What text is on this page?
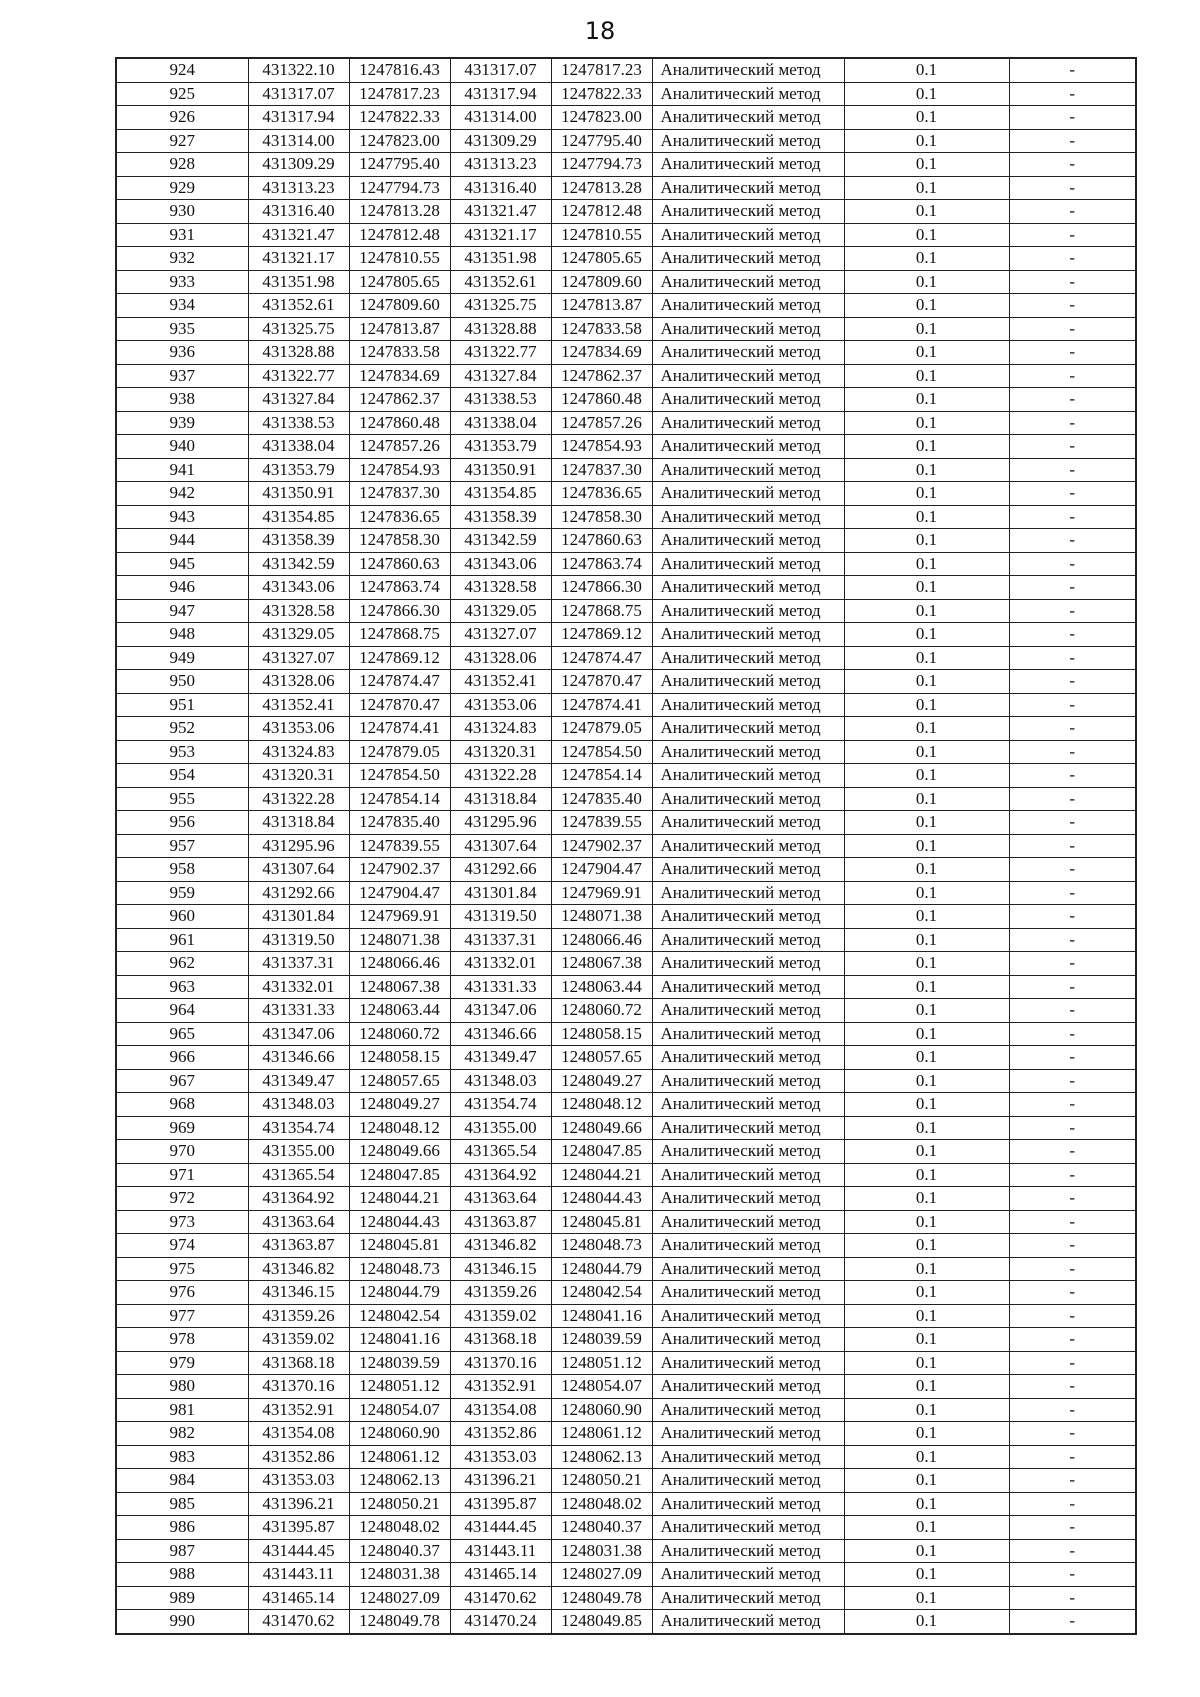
18
924	431322.10	1247816.43	431317.07	1247817.23	Аналитический метод	0.1	-
925	431317.07	1247817.23	431317.94	1247822.33	Аналитический метод	0.1	-
926	431317.94	1247822.33	431314.00	1247823.00	Аналитический метод	0.1	-
927	431314.00	1247823.00	431309.29	1247795.40	Аналитический метод	0.1	-
928	431309.29	1247795.40	431313.23	1247794.73	Аналитический метод	0.1	-
929	431313.23	1247794.73	431316.40	1247813.28	Аналитический метод	0.1	-
930	431316.40	1247813.28	431321.47	1247812.48	Аналитический метод	0.1	-
931	431321.47	1247812.48	431321.17	1247810.55	Аналитический метод	0.1	-
932	431321.17	1247810.55	431351.98	1247805.65	Аналитический метод	0.1	-
933	431351.98	1247805.65	431352.61	1247809.60	Аналитический метод	0.1	-
934	431352.61	1247809.60	431325.75	1247813.87	Аналитический метод	0.1	-
935	431325.75	1247813.87	431328.88	1247833.58	Аналитический метод	0.1	-
936	431328.88	1247833.58	431322.77	1247834.69	Аналитический метод	0.1	-
937	431322.77	1247834.69	431327.84	1247862.37	Аналитический метод	0.1	-
938	431327.84	1247862.37	431338.53	1247860.48	Аналитический метод	0.1	-
939	431338.53	1247860.48	431338.04	1247857.26	Аналитический метод	0.1	-
940	431338.04	1247857.26	431353.79	1247854.93	Аналитический метод	0.1	-
941	431353.79	1247854.93	431350.91	1247837.30	Аналитический метод	0.1	-
942	431350.91	1247837.30	431354.85	1247836.65	Аналитический метод	0.1	-
943	431354.85	1247836.65	431358.39	1247858.30	Аналитический метод	0.1	-
944	431358.39	1247858.30	431342.59	1247860.63	Аналитический метод	0.1	-
945	431342.59	1247860.63	431343.06	1247863.74	Аналитический метод	0.1	-
946	431343.06	1247863.74	431328.58	1247866.30	Аналитический метод	0.1	-
947	431328.58	1247866.30	431329.05	1247868.75	Аналитический метод	0.1	-
948	431329.05	1247868.75	431327.07	1247869.12	Аналитический метод	0.1	-
949	431327.07	1247869.12	431328.06	1247874.47	Аналитический метод	0.1	-
950	431328.06	1247874.47	431352.41	1247870.47	Аналитический метод	0.1	-
951	431352.41	1247870.47	431353.06	1247874.41	Аналитический метод	0.1	-
952	431353.06	1247874.41	431324.83	1247879.05	Аналитический метод	0.1	-
953	431324.83	1247879.05	431320.31	1247854.50	Аналитический метод	0.1	-
954	431320.31	1247854.50	431322.28	1247854.14	Аналитический метод	0.1	-
955	431322.28	1247854.14	431318.84	1247835.40	Аналитический метод	0.1	-
956	431318.84	1247835.40	431295.96	1247839.55	Аналитический метод	0.1	-
957	431295.96	1247839.55	431307.64	1247902.37	Аналитический метод	0.1	-
958	431307.64	1247902.37	431292.66	1247904.47	Аналитический метод	0.1	-
959	431292.66	1247904.47	431301.84	1247969.91	Аналитический метод	0.1	-
960	431301.84	1247969.91	431319.50	1248071.38	Аналитический метод	0.1	-
961	431319.50	1248071.38	431337.31	1248066.46	Аналитический метод	0.1	-
962	431337.31	1248066.46	431332.01	1248067.38	Аналитический метод	0.1	-
963	431332.01	1248067.38	431331.33	1248063.44	Аналитический метод	0.1	-
964	431331.33	1248063.44	431347.06	1248060.72	Аналитический метод	0.1	-
965	431347.06	1248060.72	431346.66	1248058.15	Аналитический метод	0.1	-
966	431346.66	1248058.15	431349.47	1248057.65	Аналитический метод	0.1	-
967	431349.47	1248057.65	431348.03	1248049.27	Аналитический метод	0.1	-
968	431348.03	1248049.27	431354.74	1248048.12	Аналитический метод	0.1	-
969	431354.74	1248048.12	431355.00	1248049.66	Аналитический метод	0.1	-
970	431355.00	1248049.66	431365.54	1248047.85	Аналитический метод	0.1	-
971	431365.54	1248047.85	431364.92	1248044.21	Аналитический метод	0.1	-
972	431364.92	1248044.21	431363.64	1248044.43	Аналитический метод	0.1	-
973	431363.64	1248044.43	431363.87	1248045.81	Аналитический метод	0.1	-
974	431363.87	1248045.81	431346.82	1248048.73	Аналитический метод	0.1	-
975	431346.82	1248048.73	431346.15	1248044.79	Аналитический метод	0.1	-
976	431346.15	1248044.79	431359.26	1248042.54	Аналитический метод	0.1	-
977	431359.26	1248042.54	431359.02	1248041.16	Аналитический метод	0.1	-
978	431359.02	1248041.16	431368.18	1248039.59	Аналитический метод	0.1	-
979	431368.18	1248039.59	431370.16	1248051.12	Аналитический метод	0.1	-
980	431370.16	1248051.12	431352.91	1248054.07	Аналитический метод	0.1	-
981	431352.91	1248054.07	431354.08	1248060.90	Аналитический метод	0.1	-
982	431354.08	1248060.90	431352.86	1248061.12	Аналитический метод	0.1	-
983	431352.86	1248061.12	431353.03	1248062.13	Аналитический метод	0.1	-
984	431353.03	1248062.13	431396.21	1248050.21	Аналитический метод	0.1	-
985	431396.21	1248050.21	431395.87	1248048.02	Аналитический метод	0.1	-
986	431395.87	1248048.02	431444.45	1248040.37	Аналитический метод	0.1	-
987	431444.45	1248040.37	431443.11	1248031.38	Аналитический метод	0.1	-
988	431443.11	1248031.38	431465.14	1248027.09	Аналитический метод	0.1	-
989	431465.14	1248027.09	431470.62	1248049.78	Аналитический метод	0.1	-
990	431470.62	1248049.78	431470.24	1248049.85	Аналитический метод	0.1	-
